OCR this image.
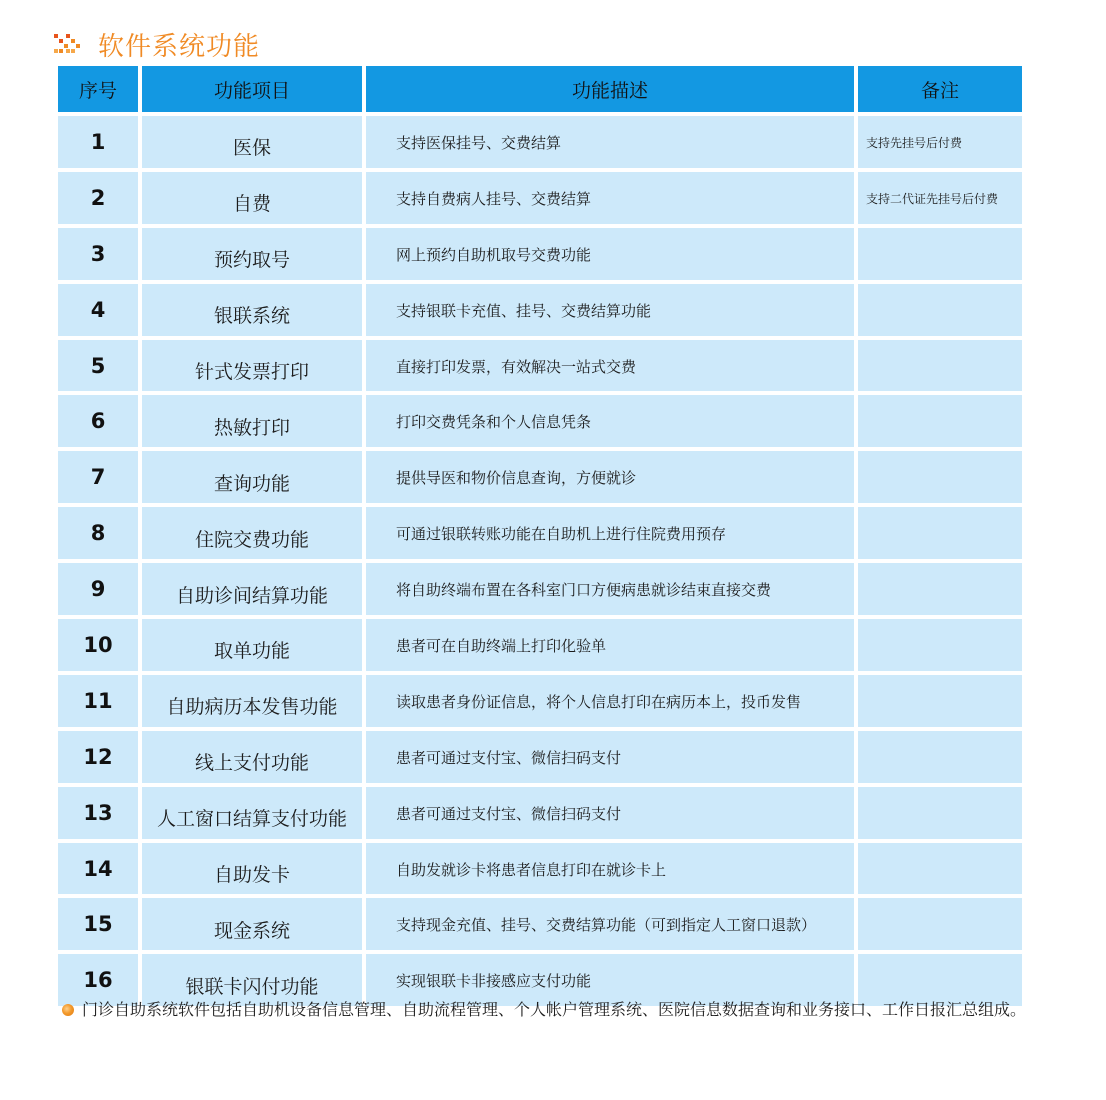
软件系统功能
序号	功能项目	功能描述	备注
1	医保	支持医保挂号、交费结算	支持先挂号后付费
2	自费	支持自费病人挂号、交费结算	支持二代证先挂号后付费
3	预约取号	网上预约自助机取号交费功能
4	银联系统	支持银联卡充值、挂号、交费结算功能
5	针式发票打印	直接打印发票，有效解决一站式交费
6	热敏打印	打印交费凭条和个人信息凭条
7	查询功能	提供导医和物价信息查询，方便就诊
8	住院交费功能	可通过银联转账功能在自助机上进行住院费用预存
9	自助诊间结算功能	将自助终端布置在各科室门口方便病患就诊结束直接交费
10	取单功能	患者可在自助终端上打印化验单
11	自助病历本发售功能	读取患者身份证信息，将个人信息打印在病历本上，投币发售
12	线上支付功能	患者可通过支付宝、微信扫码支付
13	人工窗口结算支付功能	患者可通过支付宝、微信扫码支付
14	自助发卡	自助发就诊卡将患者信息打印在就诊卡上
15	现金系统	支持现金充值、挂号、交费结算功能（可到指定人工窗口退款）
16	银联卡闪付功能	实现银联卡非接感应支付功能
门诊自助系统软件包括自助机设备信息管理、自助流程管理、个人帐户管理系统、医院信息数据查询和业务接口、工作日报汇总组成。
